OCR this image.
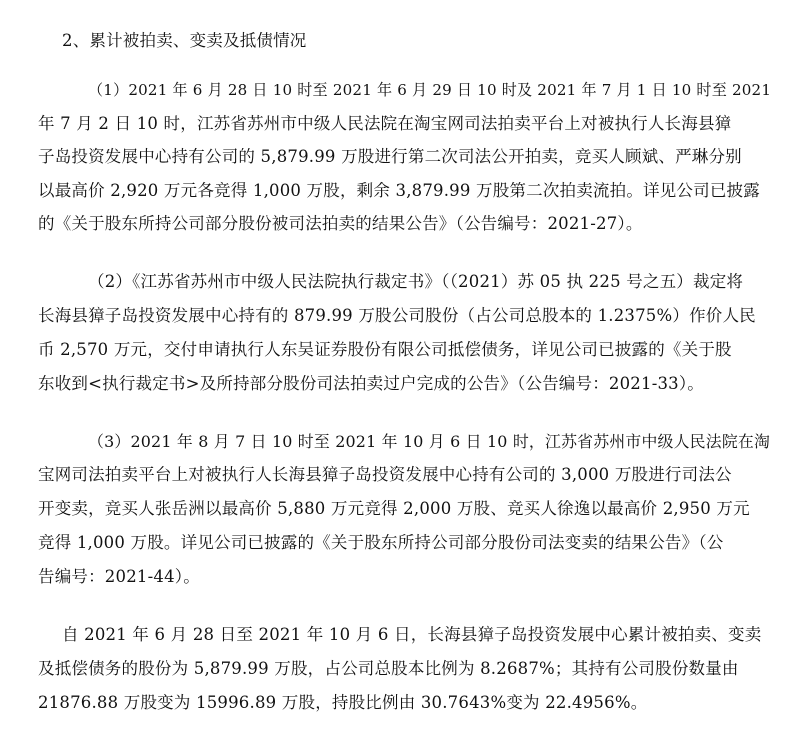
2、累计被拍卖、变卖及抵债情况
（1）2021 年 6 月 28 日 10 时至 2021 年 6 月 29 日 10 时及 2021 年 7 月 1 日 10 时至 2021
年 7 月 2 日 10 时，江苏省苏州市中级人民法院在淘宝网司法拍卖平台上对被执行人长海县獐
子岛投资发展中心持有公司的 5,879.99 万股进行第二次司法公开拍卖，竞买人顾斌、严琳分别
以最高价 2,920 万元各竞得 1,000 万股，剩余 3,879.99 万股第二次拍卖流拍。详见公司已披露
的《关于股东所持公司部分股份被司法拍卖的结果公告》（公告编号：2021-27）。
（2）《江苏省苏州市中级人民法院执行裁定书》（（2021）苏 05 执 225 号之五）裁定将
长海县獐子岛投资发展中心持有的 879.99 万股公司股份（占公司总股本的 1.2375%）作价人民
币 2,570 万元，交付申请执行人东吴证券股份有限公司抵偿债务，详见公司已披露的《关于股
东收到<执行裁定书>及所持部分股份司法拍卖过户完成的公告》（公告编号：2021-33）。
（3）2021 年 8 月 7 日 10 时至 2021 年 10 月 6 日 10 时，江苏省苏州市中级人民法院在淘
宝网司法拍卖平台上对被执行人长海县獐子岛投资发展中心持有公司的 3,000 万股进行司法公
开变卖，竞买人张岳洲以最高价 5,880 万元竞得 2,000 万股、竞买人徐逸以最高价 2,950 万元
竞得 1,000 万股。详见公司已披露的《关于股东所持公司部分股份司法变卖的结果公告》（公
告编号：2021-44）。
自 2021 年 6 月 28 日至 2021 年 10 月 6 日，长海县獐子岛投资发展中心累计被拍卖、变卖
及抵偿债务的股份为 5,879.99 万股，占公司总股本比例为 8.2687%；其持有公司股份数量由
21876.88 万股变为 15996.89 万股，持股比例由 30.7643%变为 22.4956%。
